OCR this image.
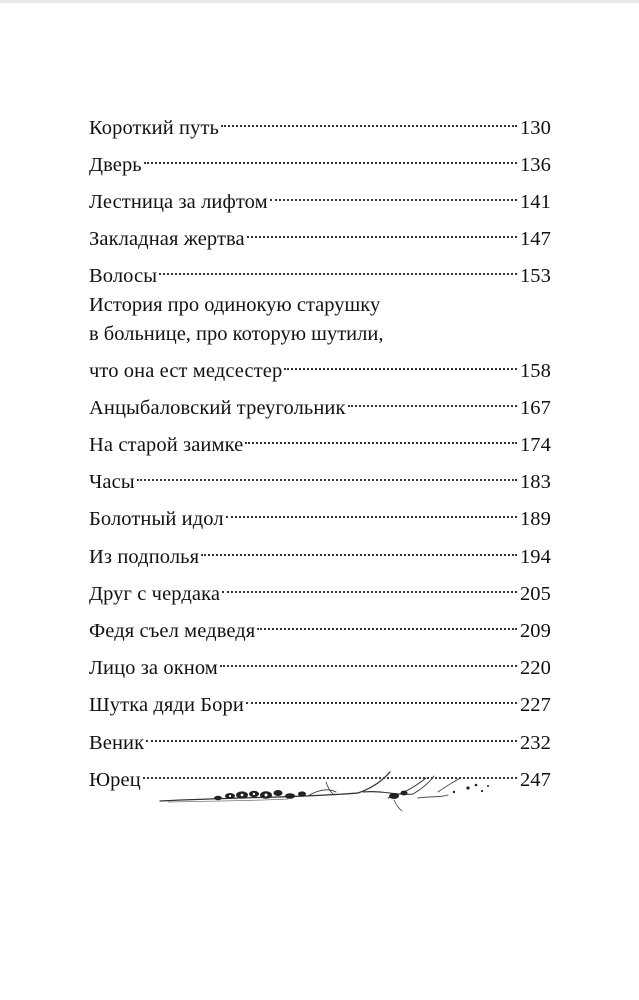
Короткий путь	130
Дверь	136
Лестница за лифтом	141
Закладная жертва	147
Волосы	153
История про одинокую старушку
в больнице, про которую шутили,
что она ест медсестер	158
Анцыбаловский треугольник	167
На старой заимке	174
Часы	183
Болотный идол	189
Из подполья	194
Друг с чердака	205
Федя съел медведя	209
Лицо за окном	220
Шутка дяди Бори	227
Веник	232
Юрец	247
